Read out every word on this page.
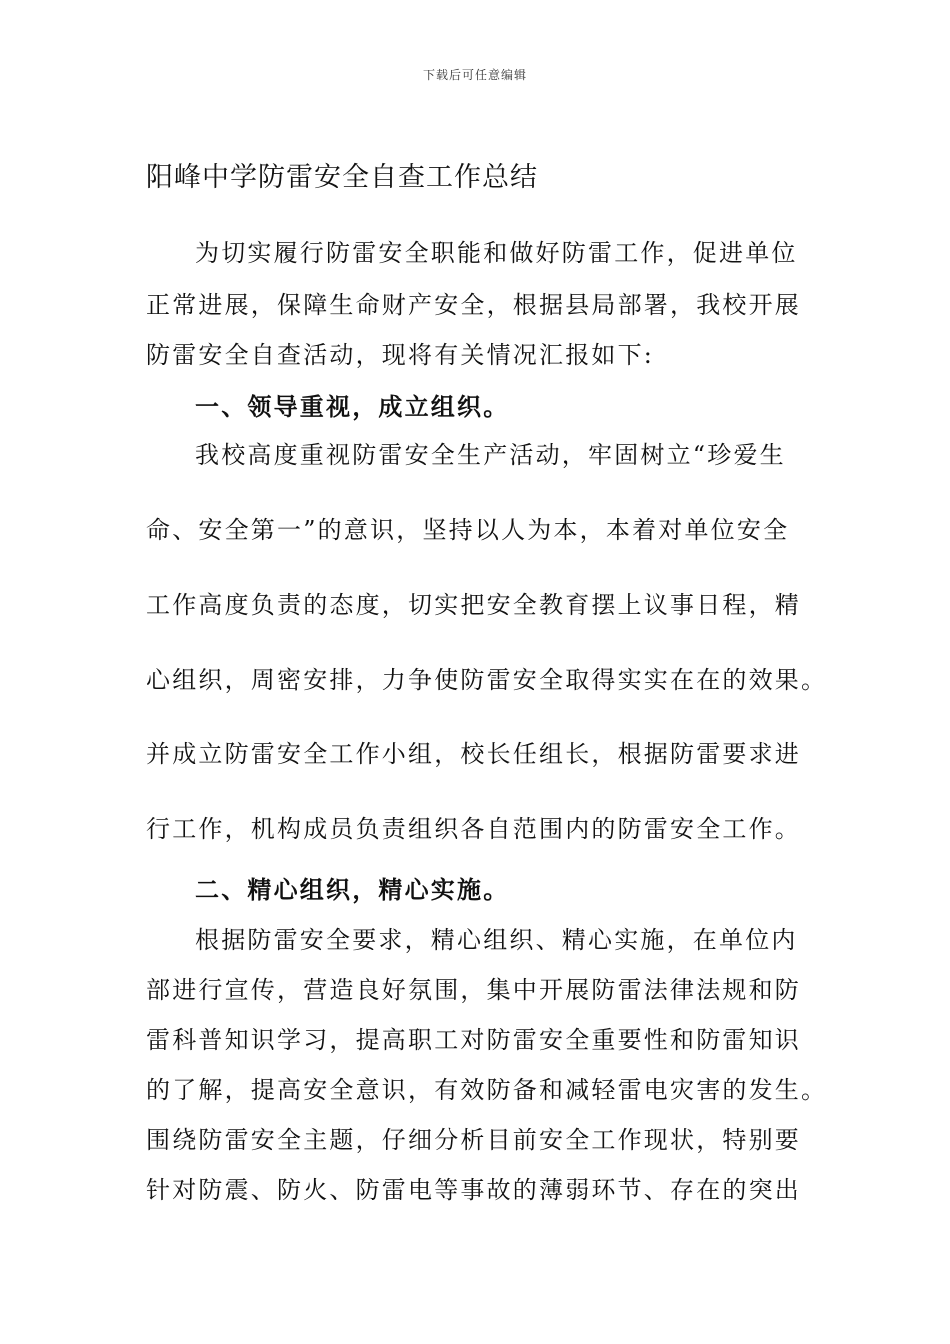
下载后可任意编辑
阳峰中学防雷安全自查工作总结
为切实履行防雷安全职能和做好防雷工作，促进单位
正常进展，保障生命财产安全，根据县局部署，我校开展
防雷安全自查活动，现将有关情况汇报如下:
一、领导重视，成立组织。
我校高度重视防雷安全生产活动，牢固树立“珍爱生
命、安全第一”的意识，坚持以人为本，本着对单位安全
工作高度负责的态度，切实把安全教育摆上议事日程，精
心组织，周密安排，力争使防雷安全取得实实在在的效果。
并成立防雷安全工作小组，校长任组长，根据防雷要求进
行工作，机构成员负责组织各自范围内的防雷安全工作。
二、精心组织，精心实施。
根据防雷安全要求，精心组织、精心实施，在单位内
部进行宣传，营造良好氛围，集中开展防雷法律法规和防
雷科普知识学习，提高职工对防雷安全重要性和防雷知识
的了解，提高安全意识，有效防备和减轻雷电灾害的发生。
围绕防雷安全主题，仔细分析目前安全工作现状，特别要
针对防震、防火、防雷电等事故的薄弱环节、存在的突出
